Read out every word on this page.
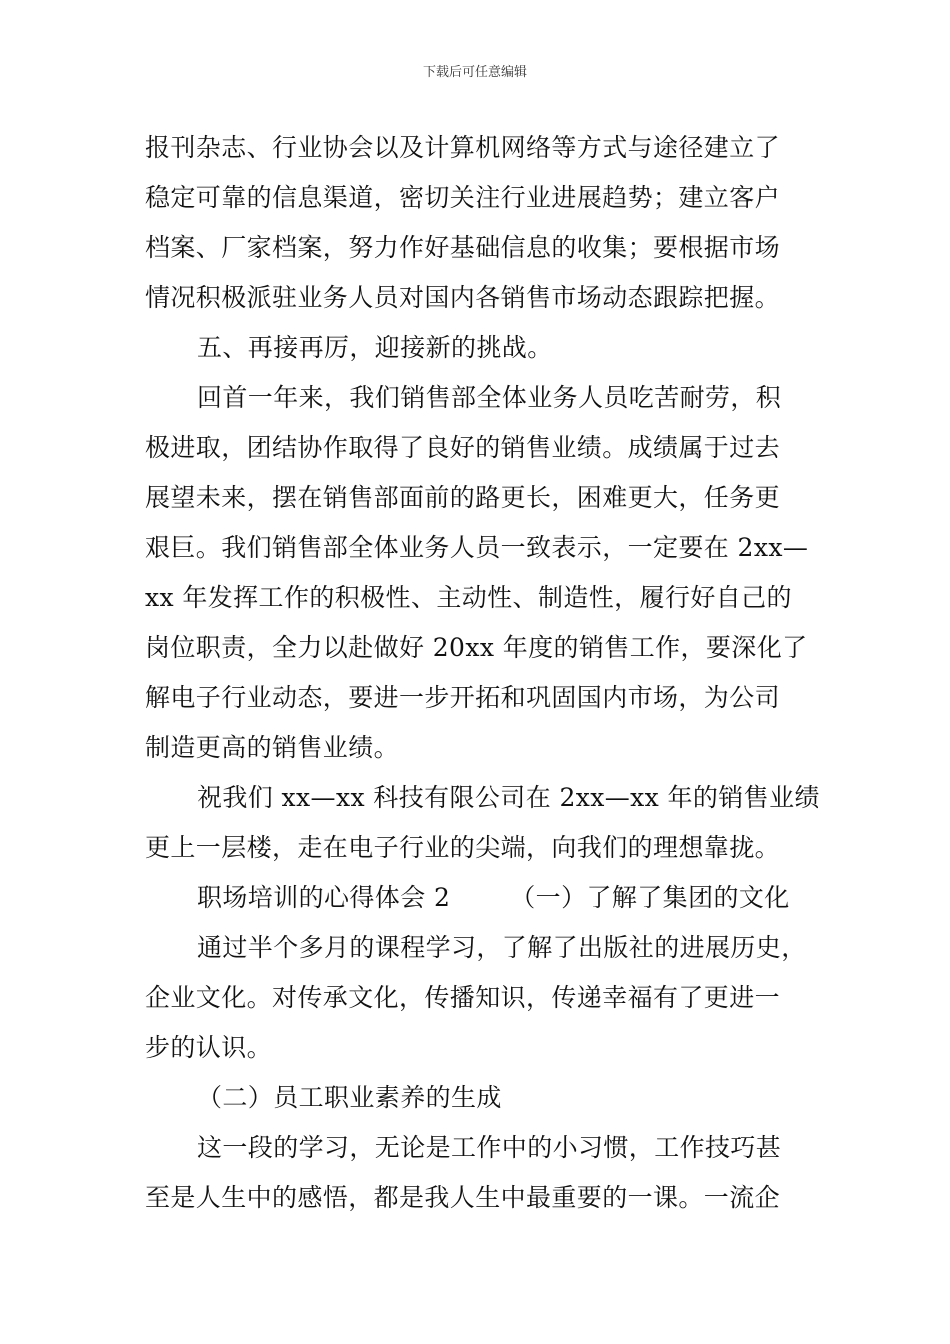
下载后可任意编辑
报刊杂志、行业协会以及计算机网络等方式与途径建立了
稳定可靠的信息渠道，密切关注行业进展趋势；建立客户
档案、厂家档案，努力作好基础信息的收集；要根据市场
情况积极派驻业务人员对国内各销售市场动态跟踪把握。
五、再接再厉，迎接新的挑战。
回首一年来，我们销售部全体业务人员吃苦耐劳，积
极进取，团结协作取得了良好的销售业绩。成绩属于过去
展望未来，摆在销售部面前的路更长，困难更大，任务更
艰巨。我们销售部全体业务人员一致表示，一定要在 2xx—
xx 年发挥工作的积极性、主动性、制造性，履行好自己的
岗位职责，全力以赴做好 20xx 年度的销售工作，要深化了
解电子行业动态，要进一步开拓和巩固国内市场，为公司
制造更高的销售业绩。
祝我们 xx—xx 科技有限公司在 2xx—xx 年的销售业绩
更上一层楼，走在电子行业的尖端，向我们的理想靠拢。
职场培训的心得体会 2 （一）了解了集团的文化
通过半个多月的课程学习，了解了出版社的进展历史，
企业文化。对传承文化，传播知识，传递幸福有了更进一
步的认识。
（二）员工职业素养的生成
这一段的学习，无论是工作中的小习惯，工作技巧甚
至是人生中的感悟，都是我人生中最重要的一课。一流企
